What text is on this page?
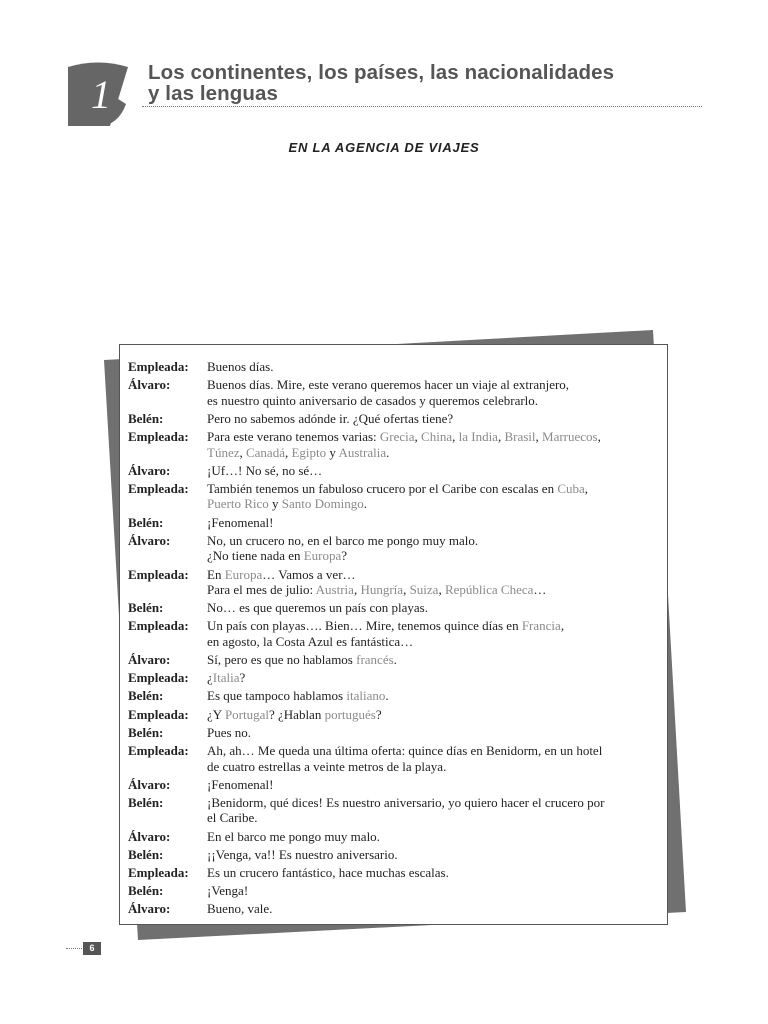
1 Los continentes, los países, las nacionalidades
y las lenguas
EN LA AGENCIA DE VIAJES
Empleada:	Buenos días.
Álvaro:	Buenos días. Mire, este verano queremos hacer un viaje al extranjero,
es nuestro quinto aniversario de casados y queremos celebrarlo.
Belén:	Pero no sabemos adónde ir. ¿Qué ofertas tiene?
Empleada:	Para este verano tenemos varias: Grecia, China, la India, Brasil, Marruecos,
Túnez, Canadá, Egipto y Australia.
Álvaro:	¡Uf…! No sé, no sé…
Empleada:	También tenemos un fabuloso crucero por el Caribe con escalas en Cuba,
Puerto Rico y Santo Domingo.
Belén:	¡Fenomenal!
Álvaro:	No, un crucero no, en el barco me pongo muy malo.
¿No tiene nada en Europa?
Empleada:	En Europa… Vamos a ver…
Para el mes de julio: Austria, Hungría, Suiza, República Checa…
Belén:	No… es que queremos un país con playas.
Empleada:	Un país con playas…. Bien… Mire, tenemos quince días en Francia,
en agosto, la Costa Azul es fantástica…
Álvaro:	Sí, pero es que no hablamos francés.
Empleada:	¿Italia?
Belén:	Es que tampoco hablamos italiano.
Empleada:	¿Y Portugal? ¿Hablan portugués?
Belén:	Pues no.
Empleada:	Ah, ah… Me queda una última oferta: quince días en Benidorm, en un hotel
de cuatro estrellas a veinte metros de la playa.
Álvaro:	¡Fenomenal!
Belén:	¡Benidorm, qué dices! Es nuestro aniversario, yo quiero hacer el crucero por
el Caribe.
Álvaro:	En el barco me pongo muy malo.
Belén:	¡¡Venga, va!! Es nuestro aniversario.
Empleada:	Es un crucero fantástico, hace muchas escalas.
Belén:	¡Venga!
Álvaro:	Bueno, vale.
6
